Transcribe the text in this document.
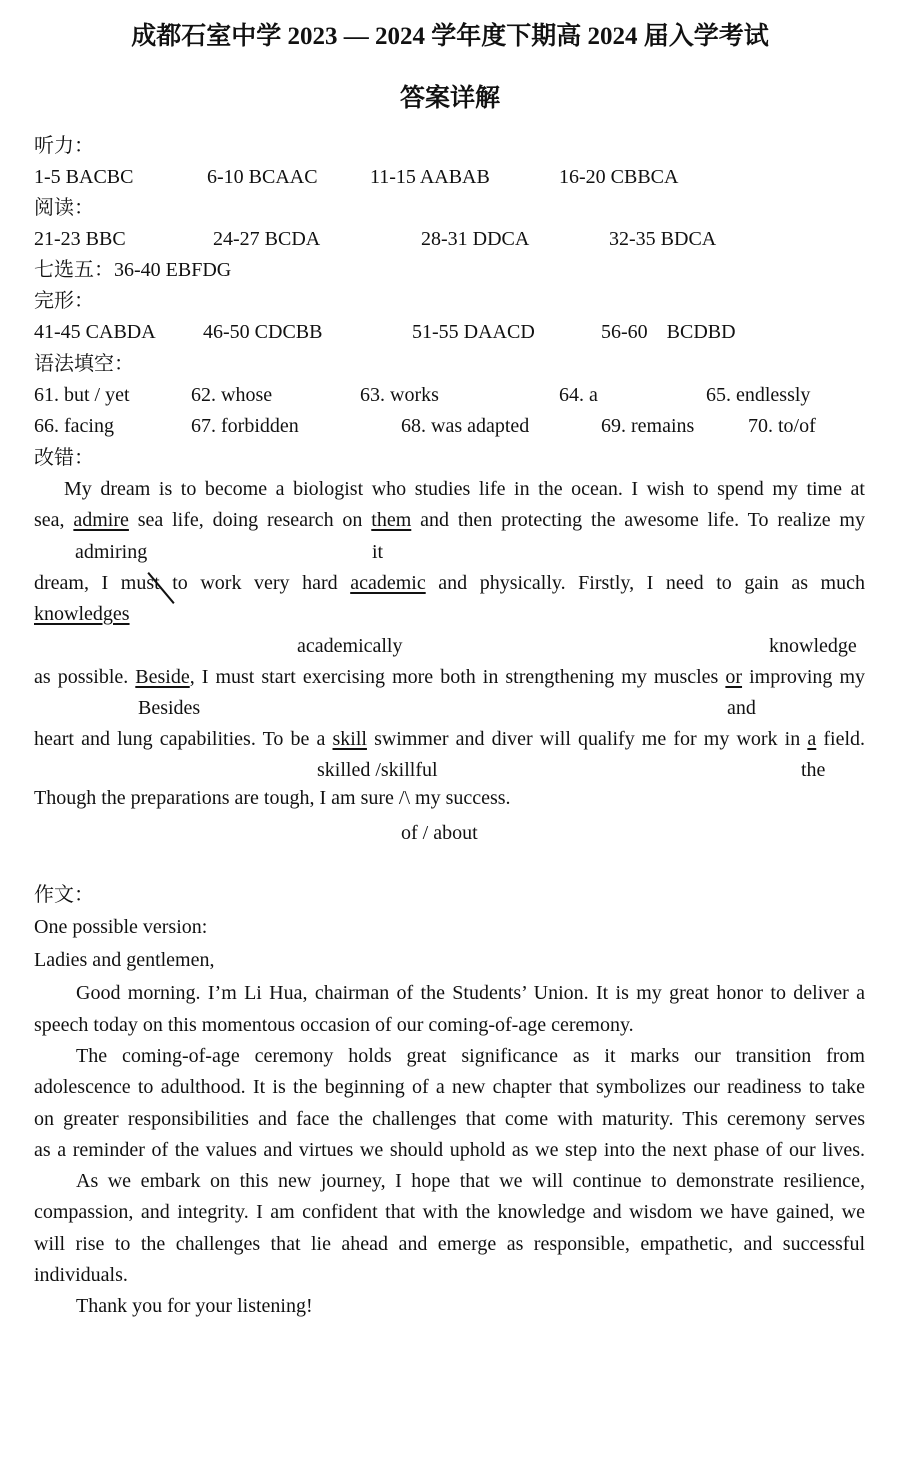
成都石室中学 2023 — 2024 学年度下期高 2024 届入学考试
答案详解
听力：
1-5 BACBC	6-10 BCAAC	11-15 AABAB	16-20 CBBCA
阅读：
21-23 BBC	24-27 BCDA	28-31 DDCA	32-35 BDCA
七选五：36-40 EBFDG
完形：
41-45 CABDA 46-50 CDCBB	51-55 DAACD	56-60 BCDBD
语法填空：
61. but / yet	62. whose	63. works	64. a	65. endlessly
66. facing	67. forbidden	68. was adapted	69. remains	70. to/of
改错：
My dream is to become a biologist who studies life in the ocean. I wish to spend my time at
sea, admire sea life, doing research on them and then protecting the awesome life. To realize my
admiring	it
dream, I must to work very hard academic and physically. Firstly, I need to gain as much
knowledges
academically	knowledge
as possible. Beside, I must start exercising more both in strengthening my muscles or improving my
Besides	and
heart and lung capabilities. To be a skill swimmer and diver will qualify me for my work in a field.
skilled /skillful	the
Though the preparations are tough, I am sure /\ my success.
of / about
作文：
One possible version:
Ladies and gentlemen,
Good morning. I’m Li Hua, chairman of the Students’ Union. It is my great honor to deliver a
speech today on this momentous occasion of our coming-of-age ceremony.
The coming-of-age ceremony holds great significance as it marks our transition from
adolescence to adulthood. It is the beginning of a new chapter that symbolizes our readiness to take
on greater responsibilities and face the challenges that come with maturity. This ceremony serves
as a reminder of the values and virtues we should uphold as we step into the next phase of our lives.
As we embark on this new journey, I hope that we will continue to demonstrate resilience,
compassion, and integrity. I am confident that with the knowledge and wisdom we have gained, we
will rise to the challenges that lie ahead and emerge as responsible, empathetic, and successful
individuals.
Thank you for your listening!
